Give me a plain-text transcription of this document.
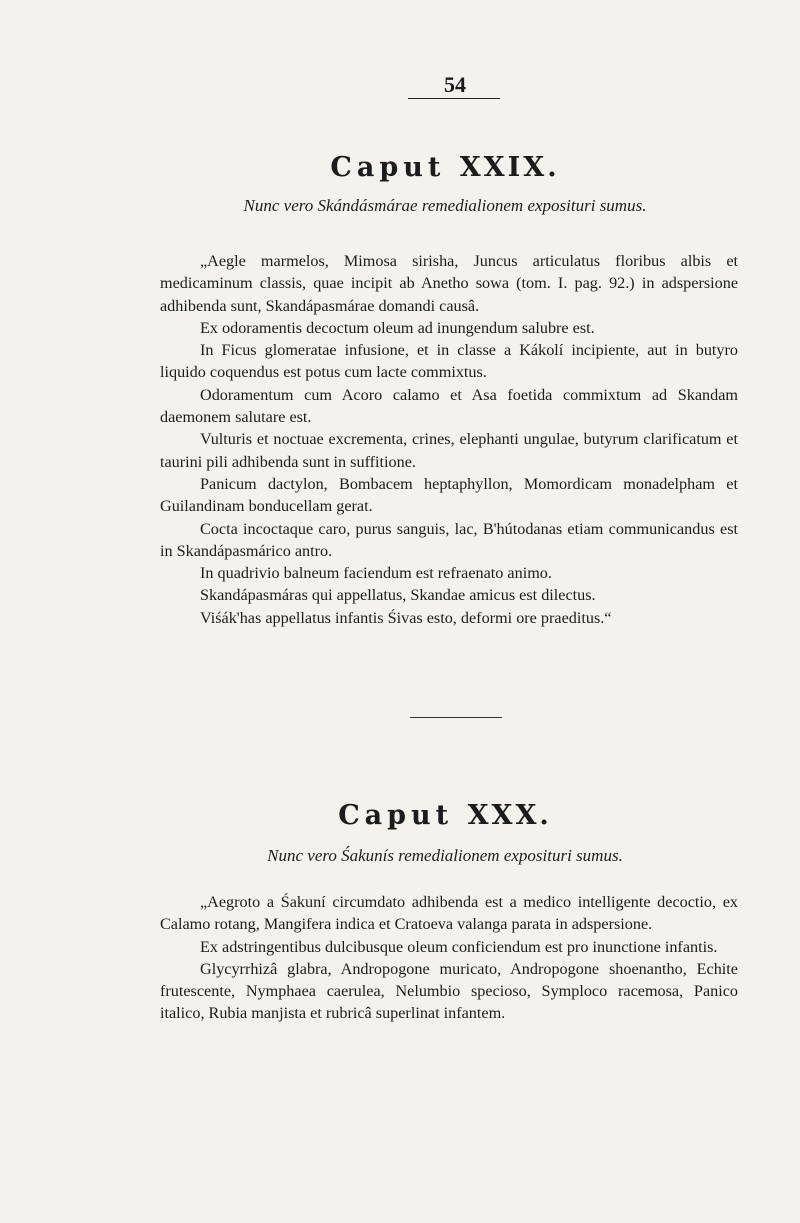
54
Caput XXIX.
Nunc vero Skándásmárae remedialionem exposituri sumus.

„Aegle marmelos, Mimosa sirisha, Juncus articulatus floribus albis et medicaminum classis, quae incipit ab Anetho sowa (tom. I. pag. 92.) in adspersione adhibenda sunt, Skandápasmárae domandi causâ.

Ex odoramentis decoctum oleum ad inungendum salubre est.

In Ficus glomeratae infusione, et in classe a Kákolí incipiente, aut in butyro liquido coquendus est potus cum lacte commixtus.

Odoramentum cum Acoro calamo et Asa foetida commixtum ad Skandam daemonem salutare est.

Vulturis et noctuae excrementa, crines, elephanti ungulae, butyrum clarificatum et taurini pili adhibenda sunt in suffitione.

Panicum dactylon, Bombacem heptaphyllon, Momordicam monadelpham et Guilandinam bonducellam gerat.

Cocta incoctaque caro, purus sanguis, lac, B'hútodanas etiam communicandus est in Skandápasmárico antro.

In quadrivio balneum faciendum est refraenato animo.

Skandápasmáras qui appellatus, Skandae amicus est dilectus.

Viśák'has appellatus infantis Śivas esto, deformi ore praeditus.“

Caput XXX.
Nunc vero Śakunís remedialionem exposituri sumus.

„Aegroto a Śakuní circumdato adhibenda est a medico intelligente decoctio, ex Calamo rotang, Mangifera indica et Cratoeva valanga parata in adspersione.

Ex adstringentibus dulcibusque oleum conficiendum est pro inunctione infantis.

Glycyrrhizâ glabra, Andropogone muricato, Andropogone shoenantho, Echite frutescente, Nymphaea caerulea, Nelumbio specioso, Symploco racemosa, Panico italico, Rubia manjista et rubricâ superlinat infantem.
